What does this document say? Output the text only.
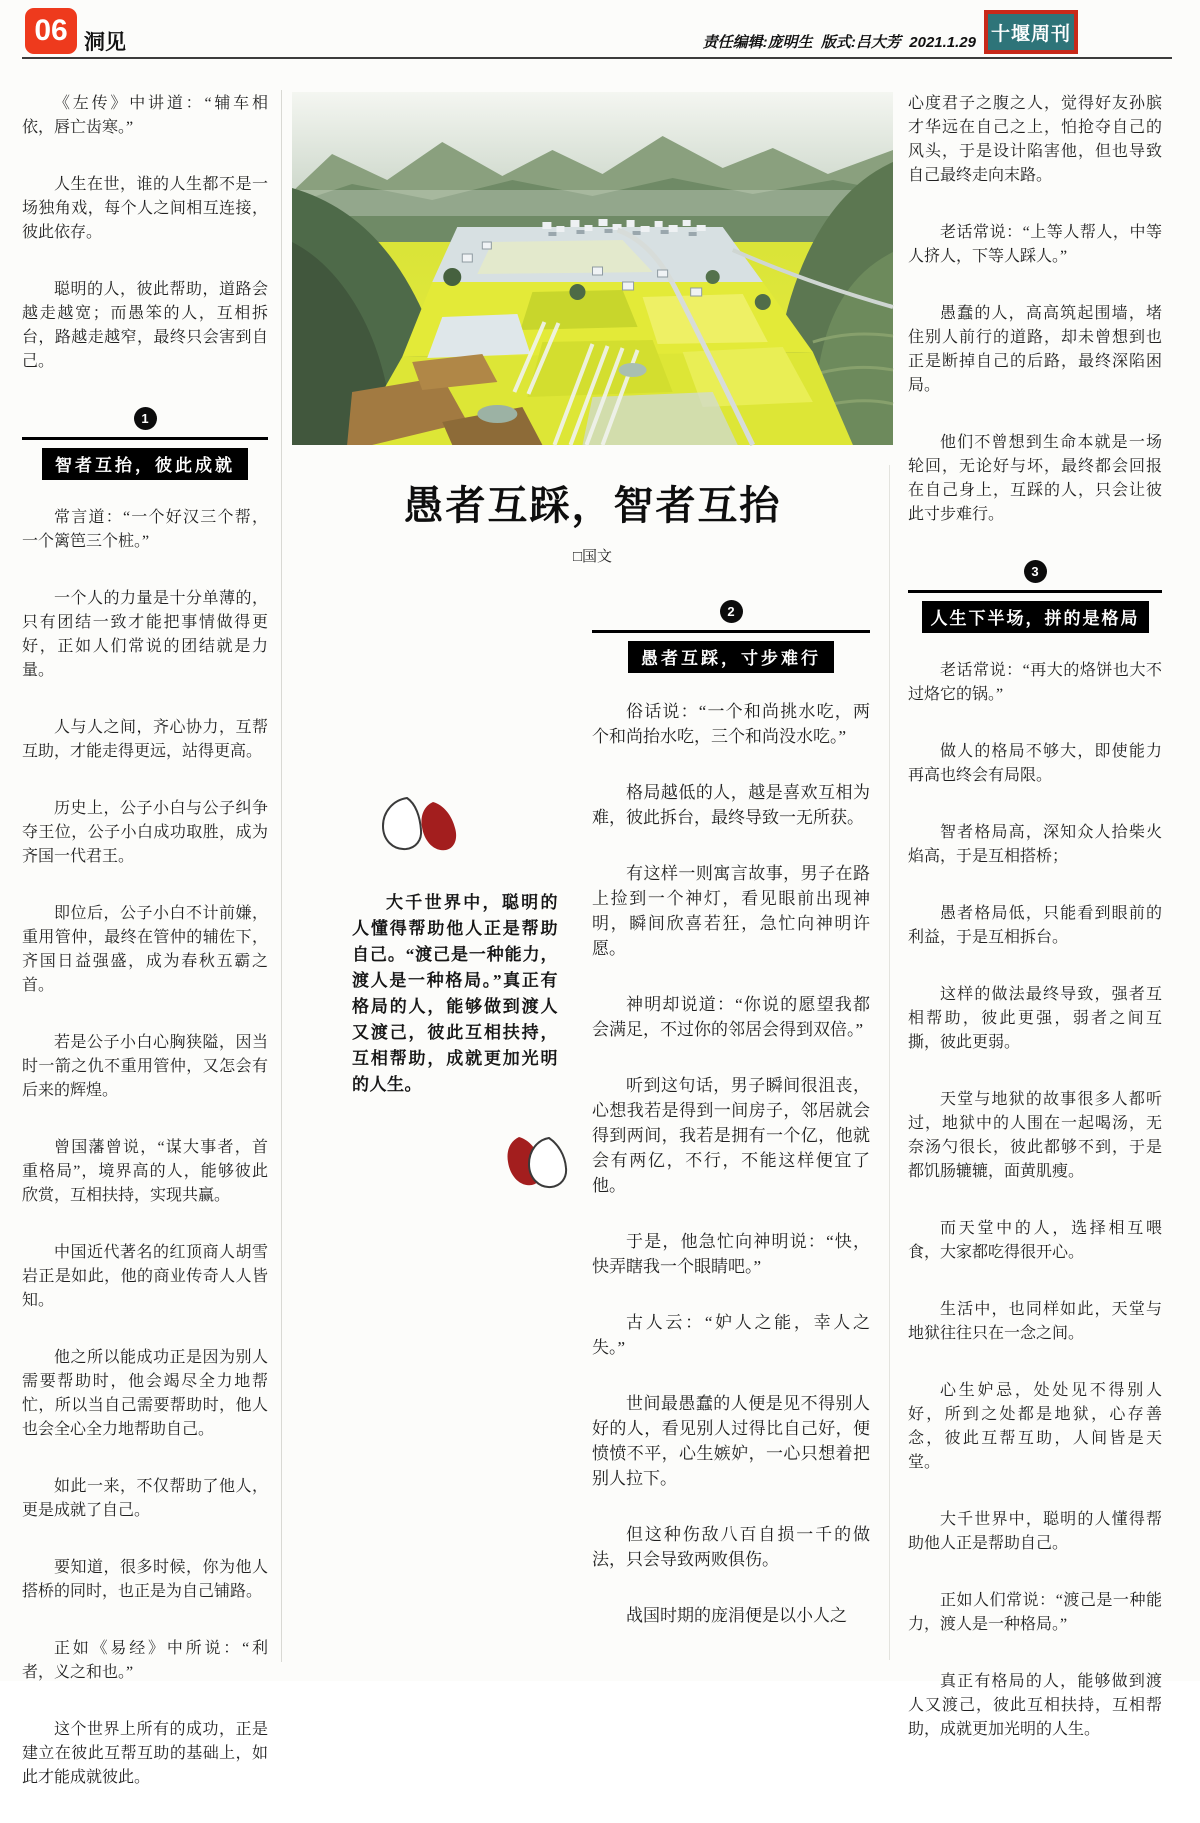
06 洞见	责任编辑:庞明生  版式:吕大芳  2021.1.29 十堰周刊
愚者互踩，智者互抬
□国文
大千世界中，聪明的人懂得帮助他人正是帮助自己。“渡己是一种能力，渡人是一种格局。”真正有格局的人，能够做到渡人又渡己，彼此互相扶持，互相帮助，成就更加光明的人生。

《左传》中讲道：“辅车相依，唇亡齿寒。”

人生在世，谁的人生都不是一场独角戏，每个人之间相互连接，彼此依存。

聪明的人，彼此帮助，道路会越走越宽；而愚笨的人，互相拆台，路越走越窄，最终只会害到自己。

1
智者互抬，彼此成就

常言道：“一个好汉三个帮，一个篱笆三个桩。”

一个人的力量是十分单薄的，只有团结一致才能把事情做得更好，正如人们常说的团结就是力量。

人与人之间，齐心协力，互帮互助，才能走得更远，站得更高。

历史上，公子小白与公子纠争夺王位，公子小白成功取胜，成为齐国一代君王。

即位后，公子小白不计前嫌，重用管仲，最终在管仲的辅佐下，齐国日益强盛，成为春秋五霸之首。

若是公子小白心胸狭隘，因当时一箭之仇不重用管仲，又怎会有后来的辉煌。

曾国藩曾说，“谋大事者，首重格局”，境界高的人，能够彼此欣赏，互相扶持，实现共赢。

中国近代著名的红顶商人胡雪岩正是如此，他的商业传奇人人皆知。

他之所以能成功正是因为别人需要帮助时，他会竭尽全力地帮忙，所以当自己需要帮助时，他人也会全心全力地帮助自己。

如此一来，不仅帮助了他人，更是成就了自己。

要知道，很多时候，你为他人搭桥的同时，也正是为自己铺路。

正如《易经》中所说：“利者，义之和也。”

这个世界上所有的成功，正是建立在彼此互帮互助的基础上，如此才能成就彼此。

2
愚者互踩，寸步难行

俗话说：“一个和尚挑水吃，两个和尚抬水吃，三个和尚没水吃。”

格局越低的人，越是喜欢互相为难，彼此拆台，最终导致一无所获。

有这样一则寓言故事，男子在路上捡到一个神灯，看见眼前出现神明，瞬间欣喜若狂，急忙向神明许愿。

神明却说道：“你说的愿望我都会满足，不过你的邻居会得到双倍。”

听到这句话，男子瞬间很沮丧，心想我若是得到一间房子，邻居就会得到两间，我若是拥有一个亿，他就会有两亿，不行，不能这样便宜了他。

于是，他急忙向神明说：“快，快弄瞎我一个眼睛吧。”

古人云：“妒人之能，幸人之失。”

世间最愚蠢的人便是见不得别人好的人，看见别人过得比自己好，便愤愤不平，心生嫉妒，一心只想着把别人拉下。

但这种伤敌八百自损一千的做法，只会导致两败俱伤。

战国时期的庞涓便是以小人之

心度君子之腹之人，觉得好友孙膑才华远在自己之上，怕抢夺自己的风头，于是设计陷害他，但也导致自己最终走向末路。

老话常说：“上等人帮人，中等人挤人，下等人踩人。”

愚蠢的人，高高筑起围墙，堵住别人前行的道路，却未曾想到也正是断掉自己的后路，最终深陷困局。

他们不曾想到生命本就是一场轮回，无论好与坏，最终都会回报在自己身上，互踩的人，只会让彼此寸步难行。

3
人生下半场，拼的是格局

老话常说：“再大的烙饼也大不过烙它的锅。”

做人的格局不够大，即使能力再高也终会有局限。

智者格局高，深知众人拾柴火焰高，于是互相搭桥；

愚者格局低，只能看到眼前的利益，于是互相拆台。

这样的做法最终导致，强者互相帮助，彼此更强，弱者之间互撕，彼此更弱。

天堂与地狱的故事很多人都听过，地狱中的人围在一起喝汤，无奈汤勺很长，彼此都够不到，于是都饥肠辘辘，面黄肌瘦。

而天堂中的人，选择相互喂食，大家都吃得很开心。

生活中，也同样如此，天堂与地狱往往只在一念之间。

心生妒忌，处处见不得别人好，所到之处都是地狱，心存善念，彼此互帮互助，人间皆是天堂。

大千世界中，聪明的人懂得帮助他人正是帮助自己。

正如人们常说：“渡己是一种能力，渡人是一种格局。”

真正有格局的人，能够做到渡人又渡己，彼此互相扶持，互相帮助，成就更加光明的人生。
